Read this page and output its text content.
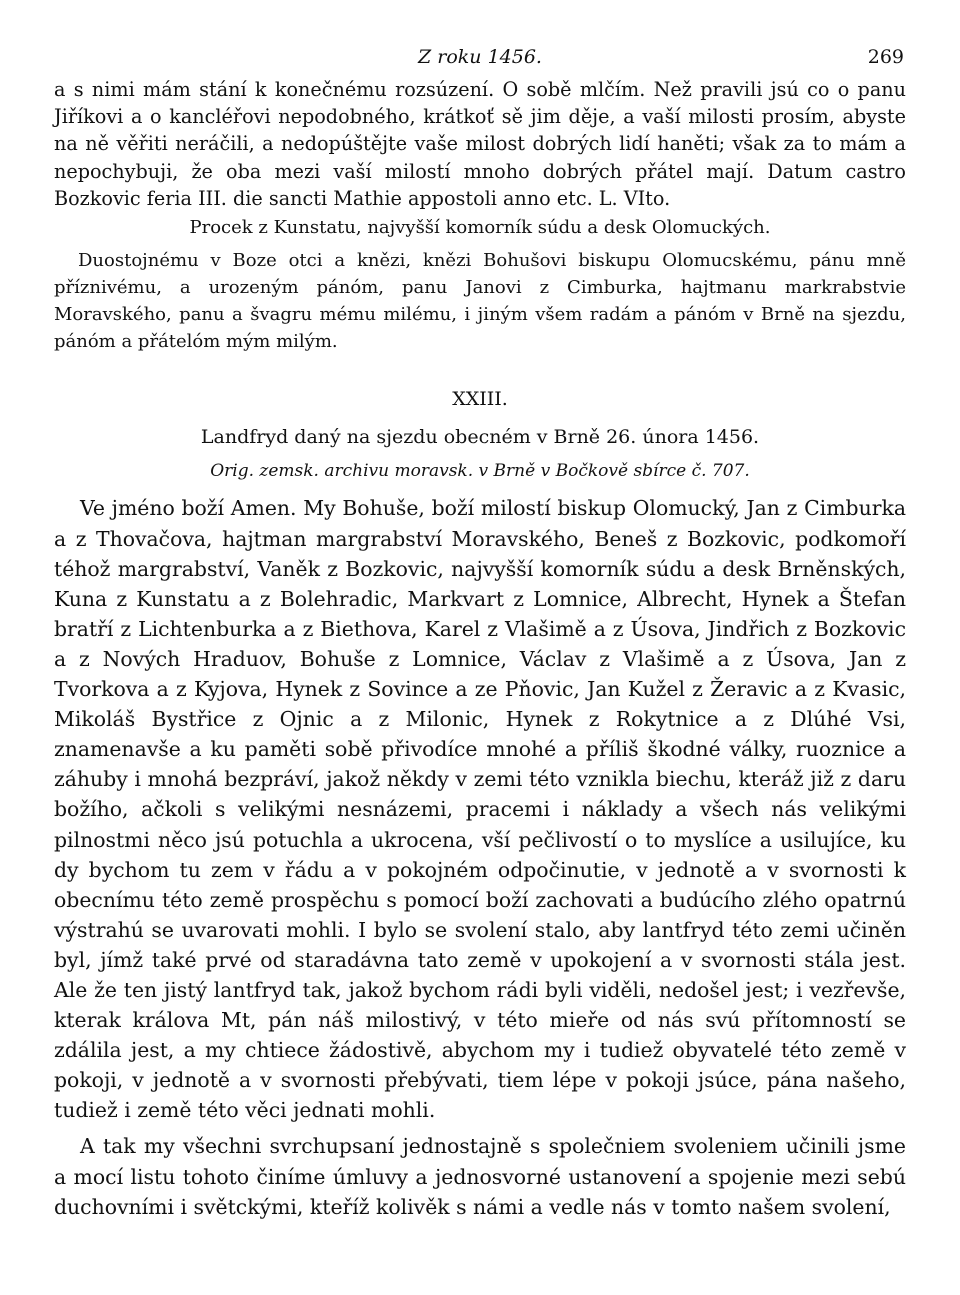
Z roku 1456.	269

a s nimi mám stání k konečnému rozsúzení. O sobě mlčím. Než pravili jsú co o panu Jiříkovi a o kancléřovi nepodobného, krátkoť sě jim děje, a vaší milosti prosím, abyste na ně věřiti neráčili, a nedopúštějte vaše milost dobrých lidí haněti; však za to mám a nepochybuji, že oba mezi vaší milostí mnoho dobrých přátel mají. Datum castro Bozkovic feria III. die sancti Mathie appostoli anno etc. L. VIto.

Procek z Kunstatu, najvyšší komorník súdu a desk Olomuckých.

Duostojnému v Boze otci a knězi, knězi Bohušovi biskupu Olomucskému, pánu mně příznivému, a urozeným pánóm, panu Janovi z Cimburka, hajtmanu markrabstvie Moravského, panu a švagru mému milému, i jiným všem radám a pánóm v Brně na sjezdu, pánóm a přátelóm mým milým.

XXIII.
Landfryd daný na sjezdu obecném v Brně 26. února 1456.
Orig. zemsk. archivu moravsk. v Brně v Bočkově sbírce č. 707.

Ve jméno boží Amen. My Bohuše, boží milostí biskup Olomucký, Jan z Cimburka a z Thovačova, hajtman margrabství Moravského, Beneš z Bozkovic, podkomoří téhož margrabství, Vaněk z Bozkovic, najvyšší komorník súdu a desk Brněnských, Kuna z Kunstatu a z Bolehradic, Markvart z Lomnice, Albrecht, Hynek a Štefan bratří z Lichtenburka a z Biethova, Karel z Vlašimě a z Úsova, Jindřich z Bozkovic a z Nových Hraduov, Bohuše z Lomnice, Václav z Vlašimě a z Úsova, Jan z Tvorkova a z Kyjova, Hynek z Sovince a ze Pňovic, Jan Kužel z Žeravic a z Kvasic, Mikoláš Bystřice z Ojnic a z Milonic, Hynek z Rokytnice a z Dlúhé Vsi, znamenavše a ku paměti sobě přivodíce mnohé a příliš škodné války, ruoznice a záhuby i mnohá bezpráví, jakož někdy v zemi této vznikla biechu, kteráž již z daru božího, ačkoli s velikými nesnázemi, pracemi i náklady a všech nás velikými pilnostmi něco jsú potuchla a ukrocena, vší pečlivostí o to myslíce a usilujíce, ku dy bychom tu zem v řádu a v pokojném odpočinutie, v jednotě a v svornosti k obecnímu této země prospěchu s pomocí boží zachovati a budúcího zlého opatrnú výstrahú se uvarovati mohli. I bylo se svolení stalo, aby lantfryd této zemi učiněn byl, jímž také prvé od staradávna tato země v upokojení a v svornosti stála jest. Ale že ten jistý lantfryd tak, jakož bychom rádi byli viděli, nedošel jest; i vezřevše, kterak králova Mt, pán náš milostivý, v této mieře od nás svú přítomností se zdálila jest, a my chtiece žádostivě, abychom my i tudiež obyvatelé této země v pokoji, v jednotě a v svornosti přebývati, tiem lépe v pokoji jsúce, pána našeho, tudiež i země této věci jednati mohli.

A tak my všechni svrchupsaní jednostajně s společniem svoleniem učinili jsme a mocí listu tohoto činíme úmluvy a jednosvorné ustanovení a spojenie mezi sebú duchovními i světckými, kteříž kolivěk s námi a vedle nás v tomto našem svolení,
